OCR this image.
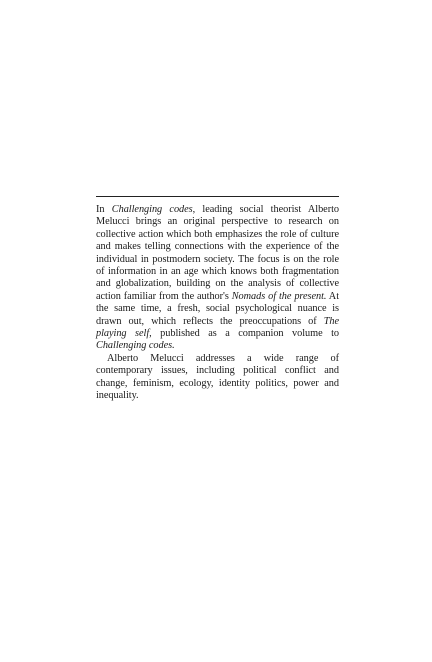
In Challenging codes, leading social theorist Alberto Melucci brings an original perspective to research on collective action which both emphasizes the role of culture and makes telling connections with the experience of the individual in postmodern society. The focus is on the role of information in an age which knows both fragmentation and globalization, building on the analysis of collective action familiar from the author's Nomads of the present. At the same time, a fresh, social psychological nuance is drawn out, which reflects the preoccupations of The playing self, published as a companion volume to Challenging codes.

Alberto Melucci addresses a wide range of contemporary issues, including political conflict and change, feminism, ecology, identity politics, power and inequality.
